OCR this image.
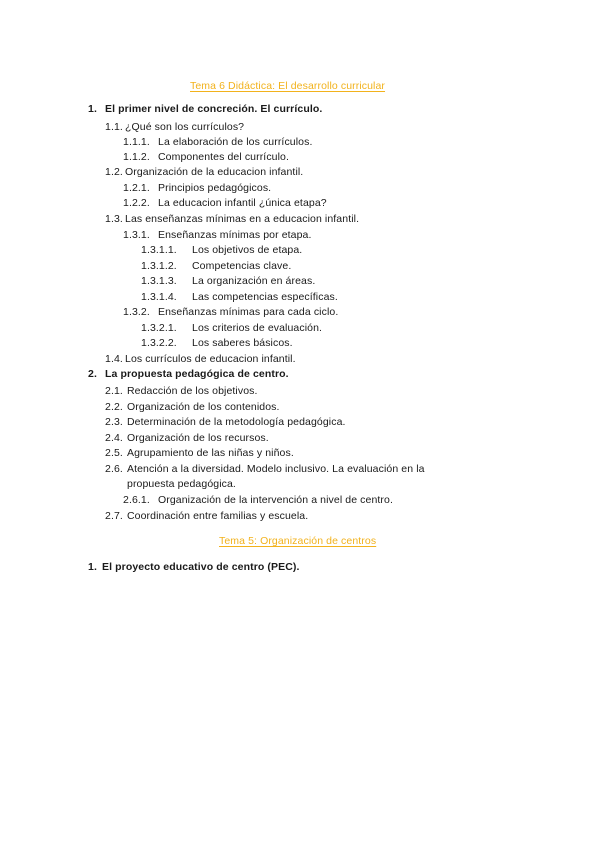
Tema 6 Didáctica: El desarrollo curricular
1. El primer nivel de concreción. El currículo.
1.1. ¿Qué son los currículos?
1.1.1. La elaboración de los currículos.
1.1.2. Componentes del currículo.
1.2. Organización de la educacion infantil.
1.2.1. Principios pedagógicos.
1.2.2. La educacion infantil ¿única etapa?
1.3. Las enseñanzas mínimas en a educacion infantil.
1.3.1. Enseñanzas mínimas por etapa.
1.3.1.1. Los objetivos de etapa.
1.3.1.2. Competencias clave.
1.3.1.3. La organización en áreas.
1.3.1.4. Las competencias específicas.
1.3.2. Enseñanzas mínimas para cada ciclo.
1.3.2.1. Los criterios de evaluación.
1.3.2.2. Los saberes básicos.
1.4. Los currículos de educacion infantil.
2. La propuesta pedagógica de centro.
2.1. Redacción de los objetivos.
2.2. Organización de los contenidos.
2.3. Determinación de la metodología pedagógica.
2.4. Organización de los recursos.
2.5. Agrupamiento de las niñas y niños.
2.6. Atención a la diversidad. Modelo inclusivo. La evaluación en la
propuesta pedagógica.
2.6.1. Organización de la intervención a nivel de centro.
2.7. Coordinación entre familias y escuela.
Tema 5: Organización de centros
1. El proyecto educativo de centro (PEC).
